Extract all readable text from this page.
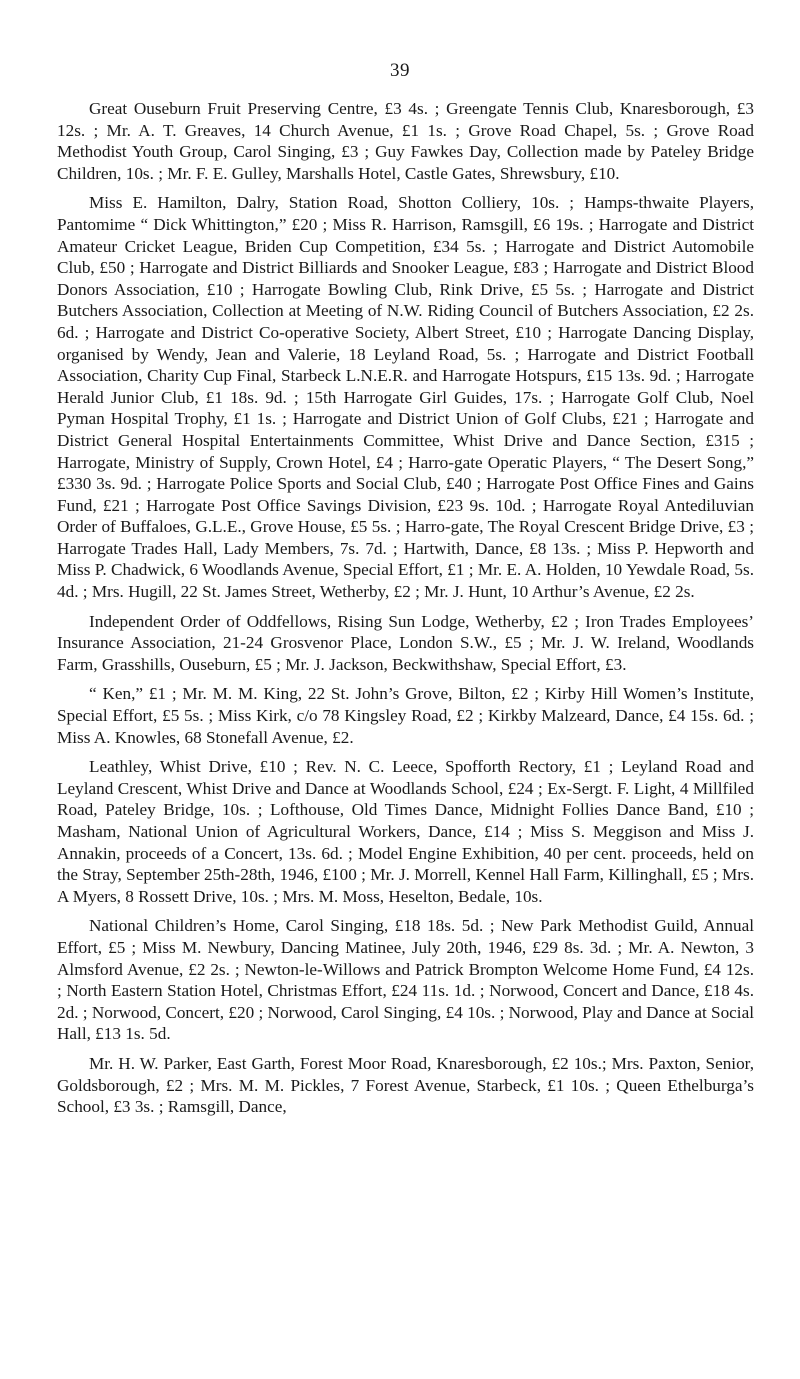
39

Great Ouseburn Fruit Preserving Centre, £3 4s. ; Greengate Tennis Club, Knaresborough, £3 12s. ; Mr. A. T. Greaves, 14 Church Avenue, £1 1s. ; Grove Road Chapel, 5s. ; Grove Road Methodist Youth Group, Carol Singing, £3 ; Guy Fawkes Day, Collection made by Pateley Bridge Children, 10s. ; Mr. F. E. Gulley, Marshalls Hotel, Castle Gates, Shrewsbury, £10.

Miss E. Hamilton, Dalry, Station Road, Shotton Colliery, 10s. ; Hamps-thwaite Players, Pantomime “ Dick Whittington,” £20 ; Miss R. Harrison, Ramsgill, £6 19s. ; Harrogate and District Amateur Cricket League, Briden Cup Competition, £34 5s. ; Harrogate and District Automobile Club, £50 ; Harrogate and District Billiards and Snooker League, £83 ; Harrogate and District Blood Donors Association, £10 ; Harrogate Bowling Club, Rink Drive, £5 5s. ; Harrogate and District Butchers Association, Collection at Meeting of N.W. Riding Council of Butchers Association, £2 2s. 6d. ; Harrogate and District Co-operative Society, Albert Street, £10 ; Harrogate Dancing Display, organised by Wendy, Jean and Valerie, 18 Leyland Road, 5s. ; Harrogate and District Football Association, Charity Cup Final, Starbeck L.N.E.R. and Harrogate Hotspurs, £15 13s. 9d. ; Harrogate Herald Junior Club, £1 18s. 9d. ; 15th Harrogate Girl Guides, 17s. ; Harrogate Golf Club, Noel Pyman Hospital Trophy, £1 1s. ; Harrogate and District Union of Golf Clubs, £21 ; Harrogate and District General Hospital Entertainments Committee, Whist Drive and Dance Section, £315 ; Harrogate, Ministry of Supply, Crown Hotel, £4 ; Harro-gate Operatic Players, “ The Desert Song,” £330 3s. 9d. ; Harrogate Police Sports and Social Club, £40 ; Harrogate Post Office Fines and Gains Fund, £21 ; Harrogate Post Office Savings Division, £23 9s. 10d. ; Harrogate Royal Antediluvian Order of Buffaloes, G.L.E., Grove House, £5 5s. ; Harro-gate, The Royal Crescent Bridge Drive, £3 ; Harrogate Trades Hall, Lady Members, 7s. 7d. ; Hartwith, Dance, £8 13s. ; Miss P. Hepworth and Miss P. Chadwick, 6 Woodlands Avenue, Special Effort, £1 ; Mr. E. A. Holden, 10 Yewdale Road, 5s. 4d. ; Mrs. Hugill, 22 St. James Street, Wetherby, £2 ; Mr. J. Hunt, 10 Arthur’s Avenue, £2 2s.

Independent Order of Oddfellows, Rising Sun Lodge, Wetherby, £2 ; Iron Trades Employees’ Insurance Association, 21-24 Grosvenor Place, London S.W., £5 ; Mr. J. W. Ireland, Woodlands Farm, Grasshills, Ouseburn, £5 ; Mr. J. Jackson, Beckwithshaw, Special Effort, £3.

“ Ken,” £1 ; Mr. M. M. King, 22 St. John’s Grove, Bilton, £2 ; Kirby Hill Women’s Institute, Special Effort, £5 5s. ; Miss Kirk, c/o 78 Kingsley Road, £2 ; Kirkby Malzeard, Dance, £4 15s. 6d. ; Miss A. Knowles, 68 Stonefall Avenue, £2.

Leathley, Whist Drive, £10 ; Rev. N. C. Leece, Spofforth Rectory, £1 ; Leyland Road and Leyland Crescent, Whist Drive and Dance at Woodlands School, £24 ; Ex-Sergt. F. Light, 4 Millfiled Road, Pateley Bridge, 10s. ; Lofthouse, Old Times Dance, Midnight Follies Dance Band, £10 ; Masham, National Union of Agricultural Workers, Dance, £14 ; Miss S. Meggison and Miss J. Annakin, proceeds of a Concert, 13s. 6d. ; Model Engine Exhibition, 40 per cent. proceeds, held on the Stray, September 25th-28th, 1946, £100 ; Mr. J. Morrell, Kennel Hall Farm, Killinghall, £5 ; Mrs. A Myers, 8 Rossett Drive, 10s. ; Mrs. M. Moss, Heselton, Bedale, 10s.

National Children’s Home, Carol Singing, £18 18s. 5d. ; New Park Methodist Guild, Annual Effort, £5 ; Miss M. Newbury, Dancing Matinee, July 20th, 1946, £29 8s. 3d. ; Mr. A. Newton, 3 Almsford Avenue, £2 2s. ; Newton-le-Willows and Patrick Brompton Welcome Home Fund, £4 12s. ; North Eastern Station Hotel, Christmas Effort, £24 11s. 1d. ; Norwood, Concert and Dance, £18 4s. 2d. ; Norwood, Concert, £20 ; Norwood, Carol Singing, £4 10s. ; Norwood, Play and Dance at Social Hall, £13 1s. 5d.

Mr. H. W. Parker, East Garth, Forest Moor Road, Knaresborough, £2 10s.; Mrs. Paxton, Senior, Goldsborough, £2 ; Mrs. M. M. Pickles, 7 Forest Avenue, Starbeck, £1 10s. ; Queen Ethelburga’s School, £3 3s. ; Ramsgill, Dance,
